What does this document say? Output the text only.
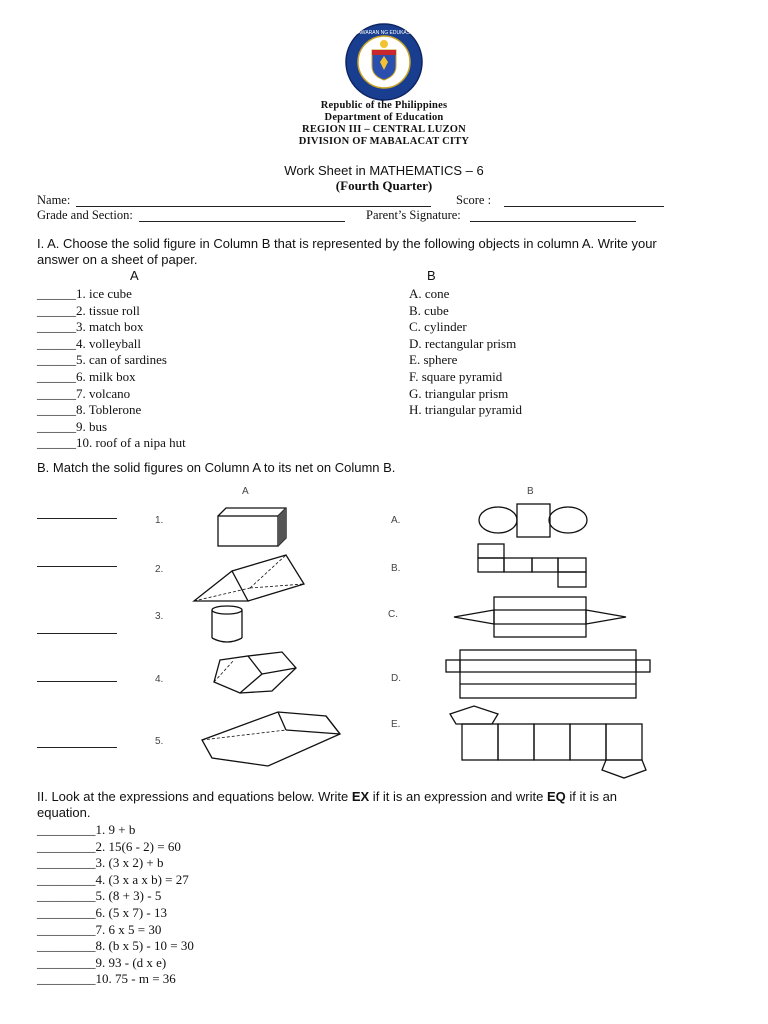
KAGAWARAN NG EDUKASYON
Republic of the Philippines
Department of Education
REGION III – CENTRAL LUZON
DIVISION OF MABALACAT CITY
Work Sheet in MATHEMATICS – 6
(Fourth Quarter)
Name:	Score :
Grade and Section:	Parent’s Signature:
I. A. Choose the solid figure in Column B that is represented by the following objects in column A. Write your
answer on a sheet of paper.
A	B
______1. ice cube
______2. tissue roll
______3. match box
______4. volleyball
______5. can of sardines
______6. milk box
______7. volcano
______8. Toblerone
______9. bus
______10. roof of a nipa hut
A. cone
B. cube
C. cylinder
D. rectangular prism
E. sphere
F. square pyramid
G. triangular prism
H. triangular pyramid
B. Match the solid figures on Column A to its net on Column B.
A	B
1.
2.
3.
4.
5.
A.
B.
C.
D.
E.
II. Look at the expressions and equations below. Write EX if it is an expression and write EQ if it is an
equation.
_________1. 9 + b
_________2. 15(6 - 2) = 60
_________3. (3 x 2) + b
_________4. (3 x a x b) = 27
_________5. (8 + 3) - 5
_________6. (5 x 7) - 13
_________7. 6 x 5 = 30
_________8. (b x 5) - 10 = 30
_________9. 93 - (d x e)
_________10. 75 - m = 36
